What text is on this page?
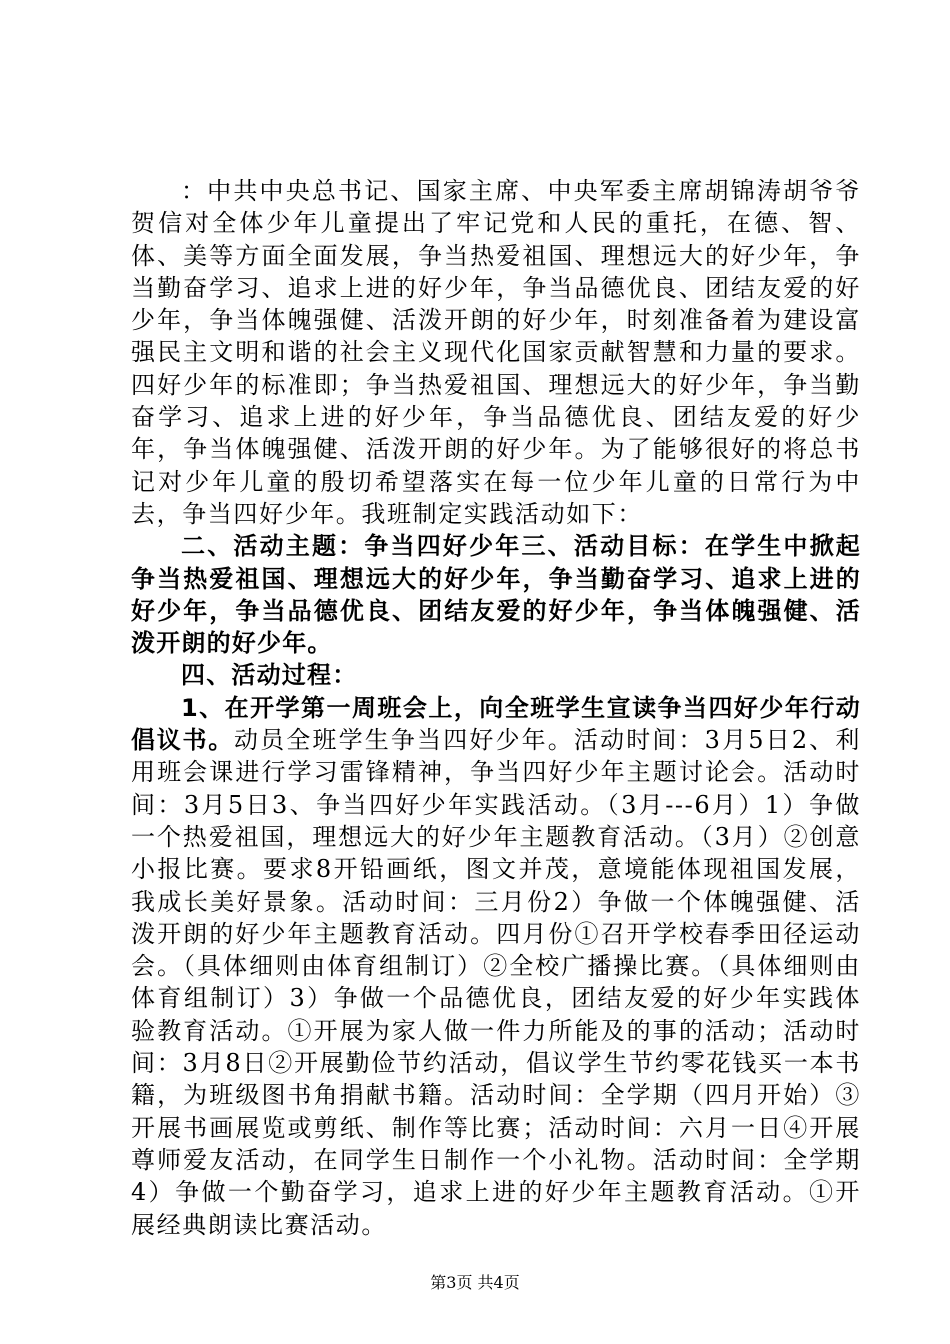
：中共中央总书记、国家主席、中央军委主席胡锦涛胡爷爷贺信对全体少年儿童提出了牢记党和人民的重托，在德、智、体、美等方面全面发展，争当热爱祖国、理想远大的好少年，争当勤奋学习、追求上进的好少年，争当品德优良、团结友爱的好少年，争当体魄强健、活泼开朗的好少年，时刻准备着为建设富强民主文明和谐的社会主义现代化国家贡献智慧和力量的要求。四好少年的标准即；争当热爱祖国、理想远大的好少年，争当勤奋学习、追求上进的好少年，争当品德优良、团结友爱的好少年，争当体魄强健、活泼开朗的好少年。为了能够很好的将总书记对少年儿童的殷切希望落实在每一位少年儿童的日常行为中去，争当四好少年。我班制定实践活动如下：

二、活动主题：争当四好少年三、活动目标：在学生中掀起争当热爱祖国、理想远大的好少年，争当勤奋学习、追求上进的好少年，争当品德优良、团结友爱的好少年，争当体魄强健、活泼开朗的好少年。

四、活动过程：

1、在开学第一周班会上，向全班学生宣读争当四好少年行动倡议书。动员全班学生争当四好少年。活动时间：3月5日2、利用班会课进行学习雷锋精神，争当四好少年主题讨论会。活动时间：3月5日3、争当四好少年实践活动。（3月---6月）1）争做一个热爱祖国，理想远大的好少年主题教育活动。（3月）②创意小报比赛。要求8开铅画纸，图文并茂，意境能体现祖国发展，我成长美好景象。活动时间：三月份2）争做一个体魄强健、活泼开朗的好少年主题教育活动。四月份①召开学校春季田径运动会。（具体细则由体育组制订）②全校广播操比赛。（具体细则由体育组制订）3）争做一个品德优良，团结友爱的好少年实践体验教育活动。①开展为家人做一件力所能及的事的活动；活动时间：3月8日②开展勤俭节约活动，倡议学生节约零花钱买一本书籍，为班级图书角捐献书籍。活动时间：全学期（四月开始）③开展书画展览或剪纸、制作等比赛；活动时间：六月一日④开展尊师爱友活动，在同学生日制作一个小礼物。活动时间：全学期4）争做一个勤奋学习，追求上进的好少年主题教育活动。①开展经典朗读比赛活动。

第3页 共4页
